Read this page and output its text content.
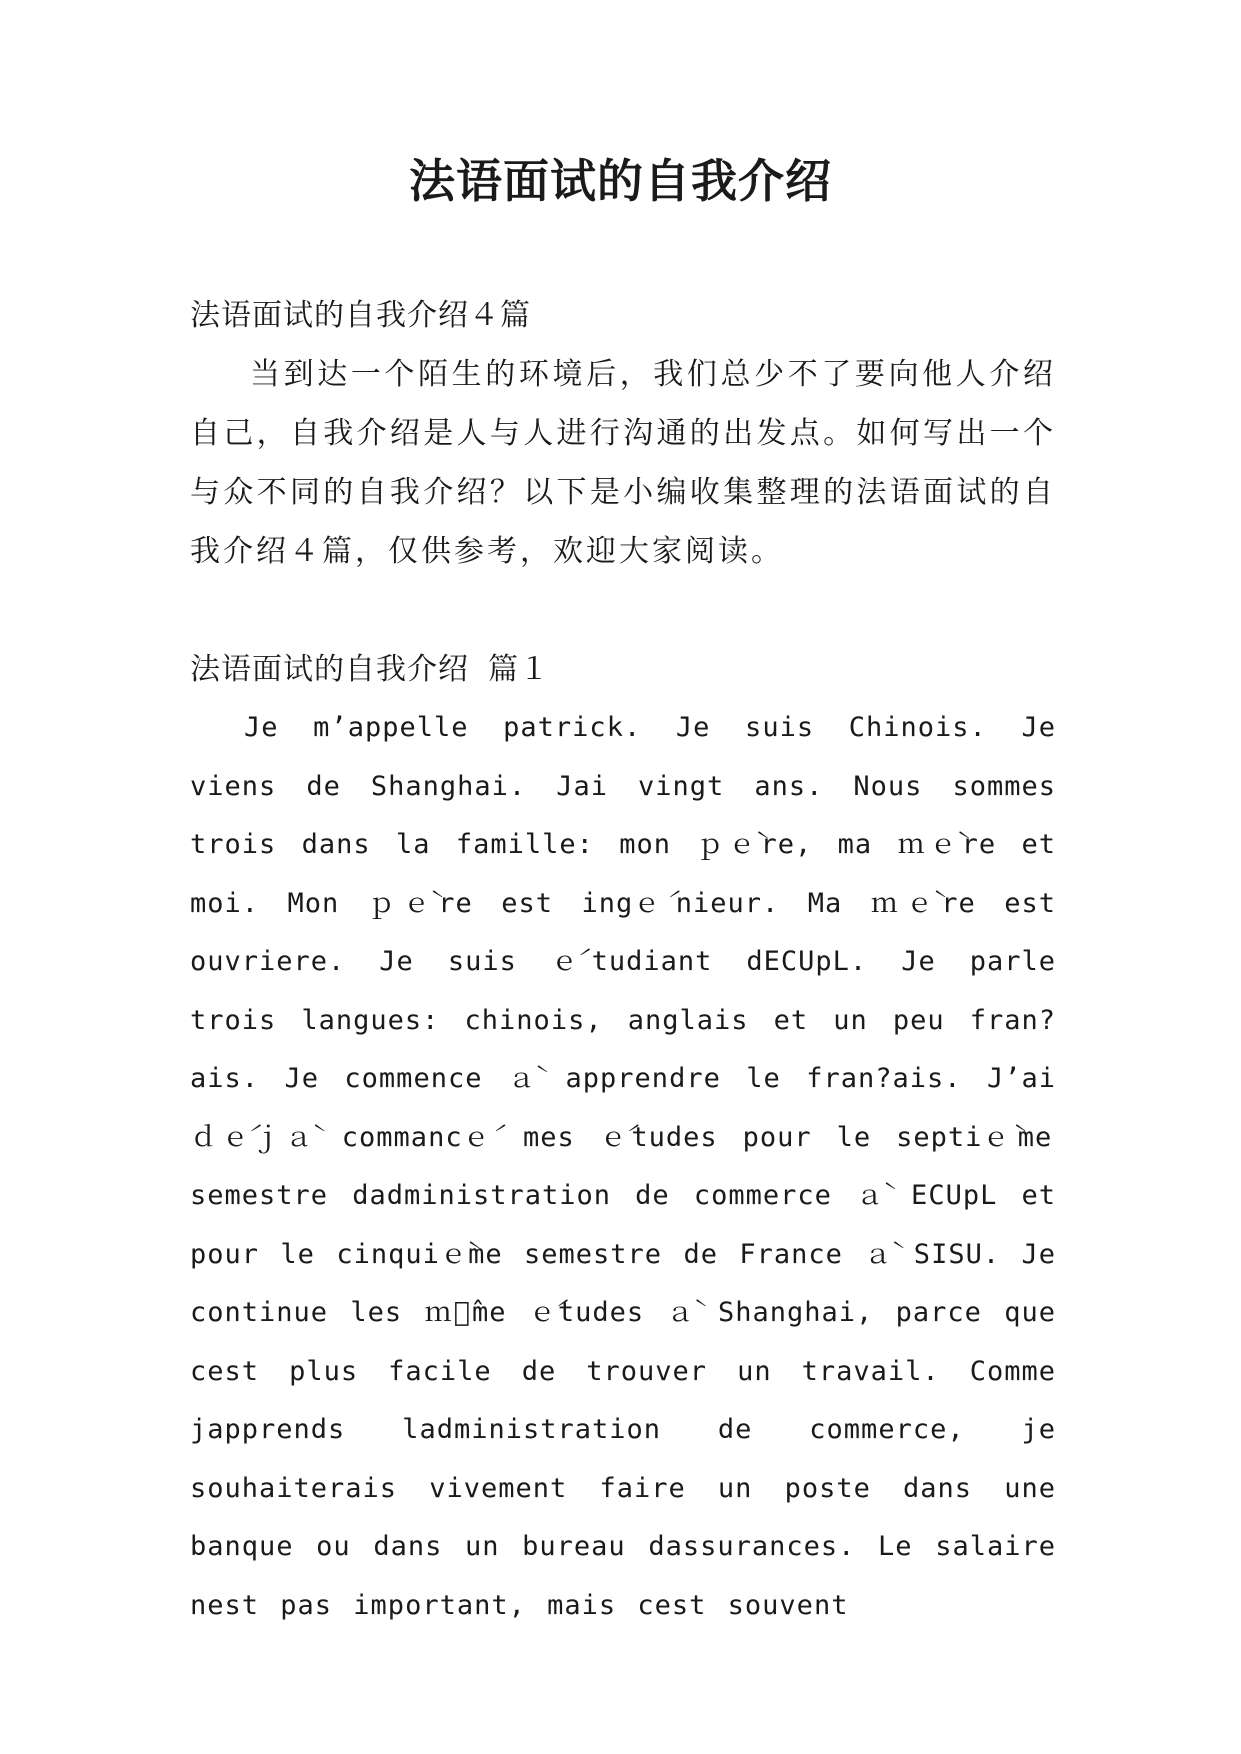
法语面试的自我介绍

法语面试的自我介绍４篇

当到达一个陌生的环境后，我们总少不了要向他人介绍自己，自我介绍是人与人进行沟通的出发点。如何写出一个与众不同的自我介绍？以下是小编收集整理的法语面试的自我介绍４篇，仅供参考，欢迎大家阅读。

法语面试的自我介绍 篇１

Je m’appelle patrick. Je suis Chinois. Je viens de Shanghai. Jai vingt ans. Nous sommes trois dans la famille: mon ｐｅ̀re, ma ｍｅ̀re et moi. Mon ｐｅ̀re est ingｅ́nieur. Ma ｍｅ̀re est ouvriere. Je suis ｅ́tudiant dECUpL. Je parle trois langues: chinois, anglais et un peu fran?ais. Je commence ａ̀ apprendre le fran?ais. J’ai ｄｅ́ｊａ̀ commancｅ́ mes ｅ́tudes pour le septiｅ̀me semestre dadministration de commerce ａ̀ ECUpL et pour le cinquiｅ̀me semestre de France ａ̀ SISU. Je continue les ｍｅ̂me ｅ́tudes ａ̀ Shanghai, parce que cest plus facile de trouver un travail. Comme japprends ladministration de commerce, je souhaiterais vivement faire un poste dans une banque ou dans un bureau dassurances. Le salaire nest pas important, mais cest souvent
